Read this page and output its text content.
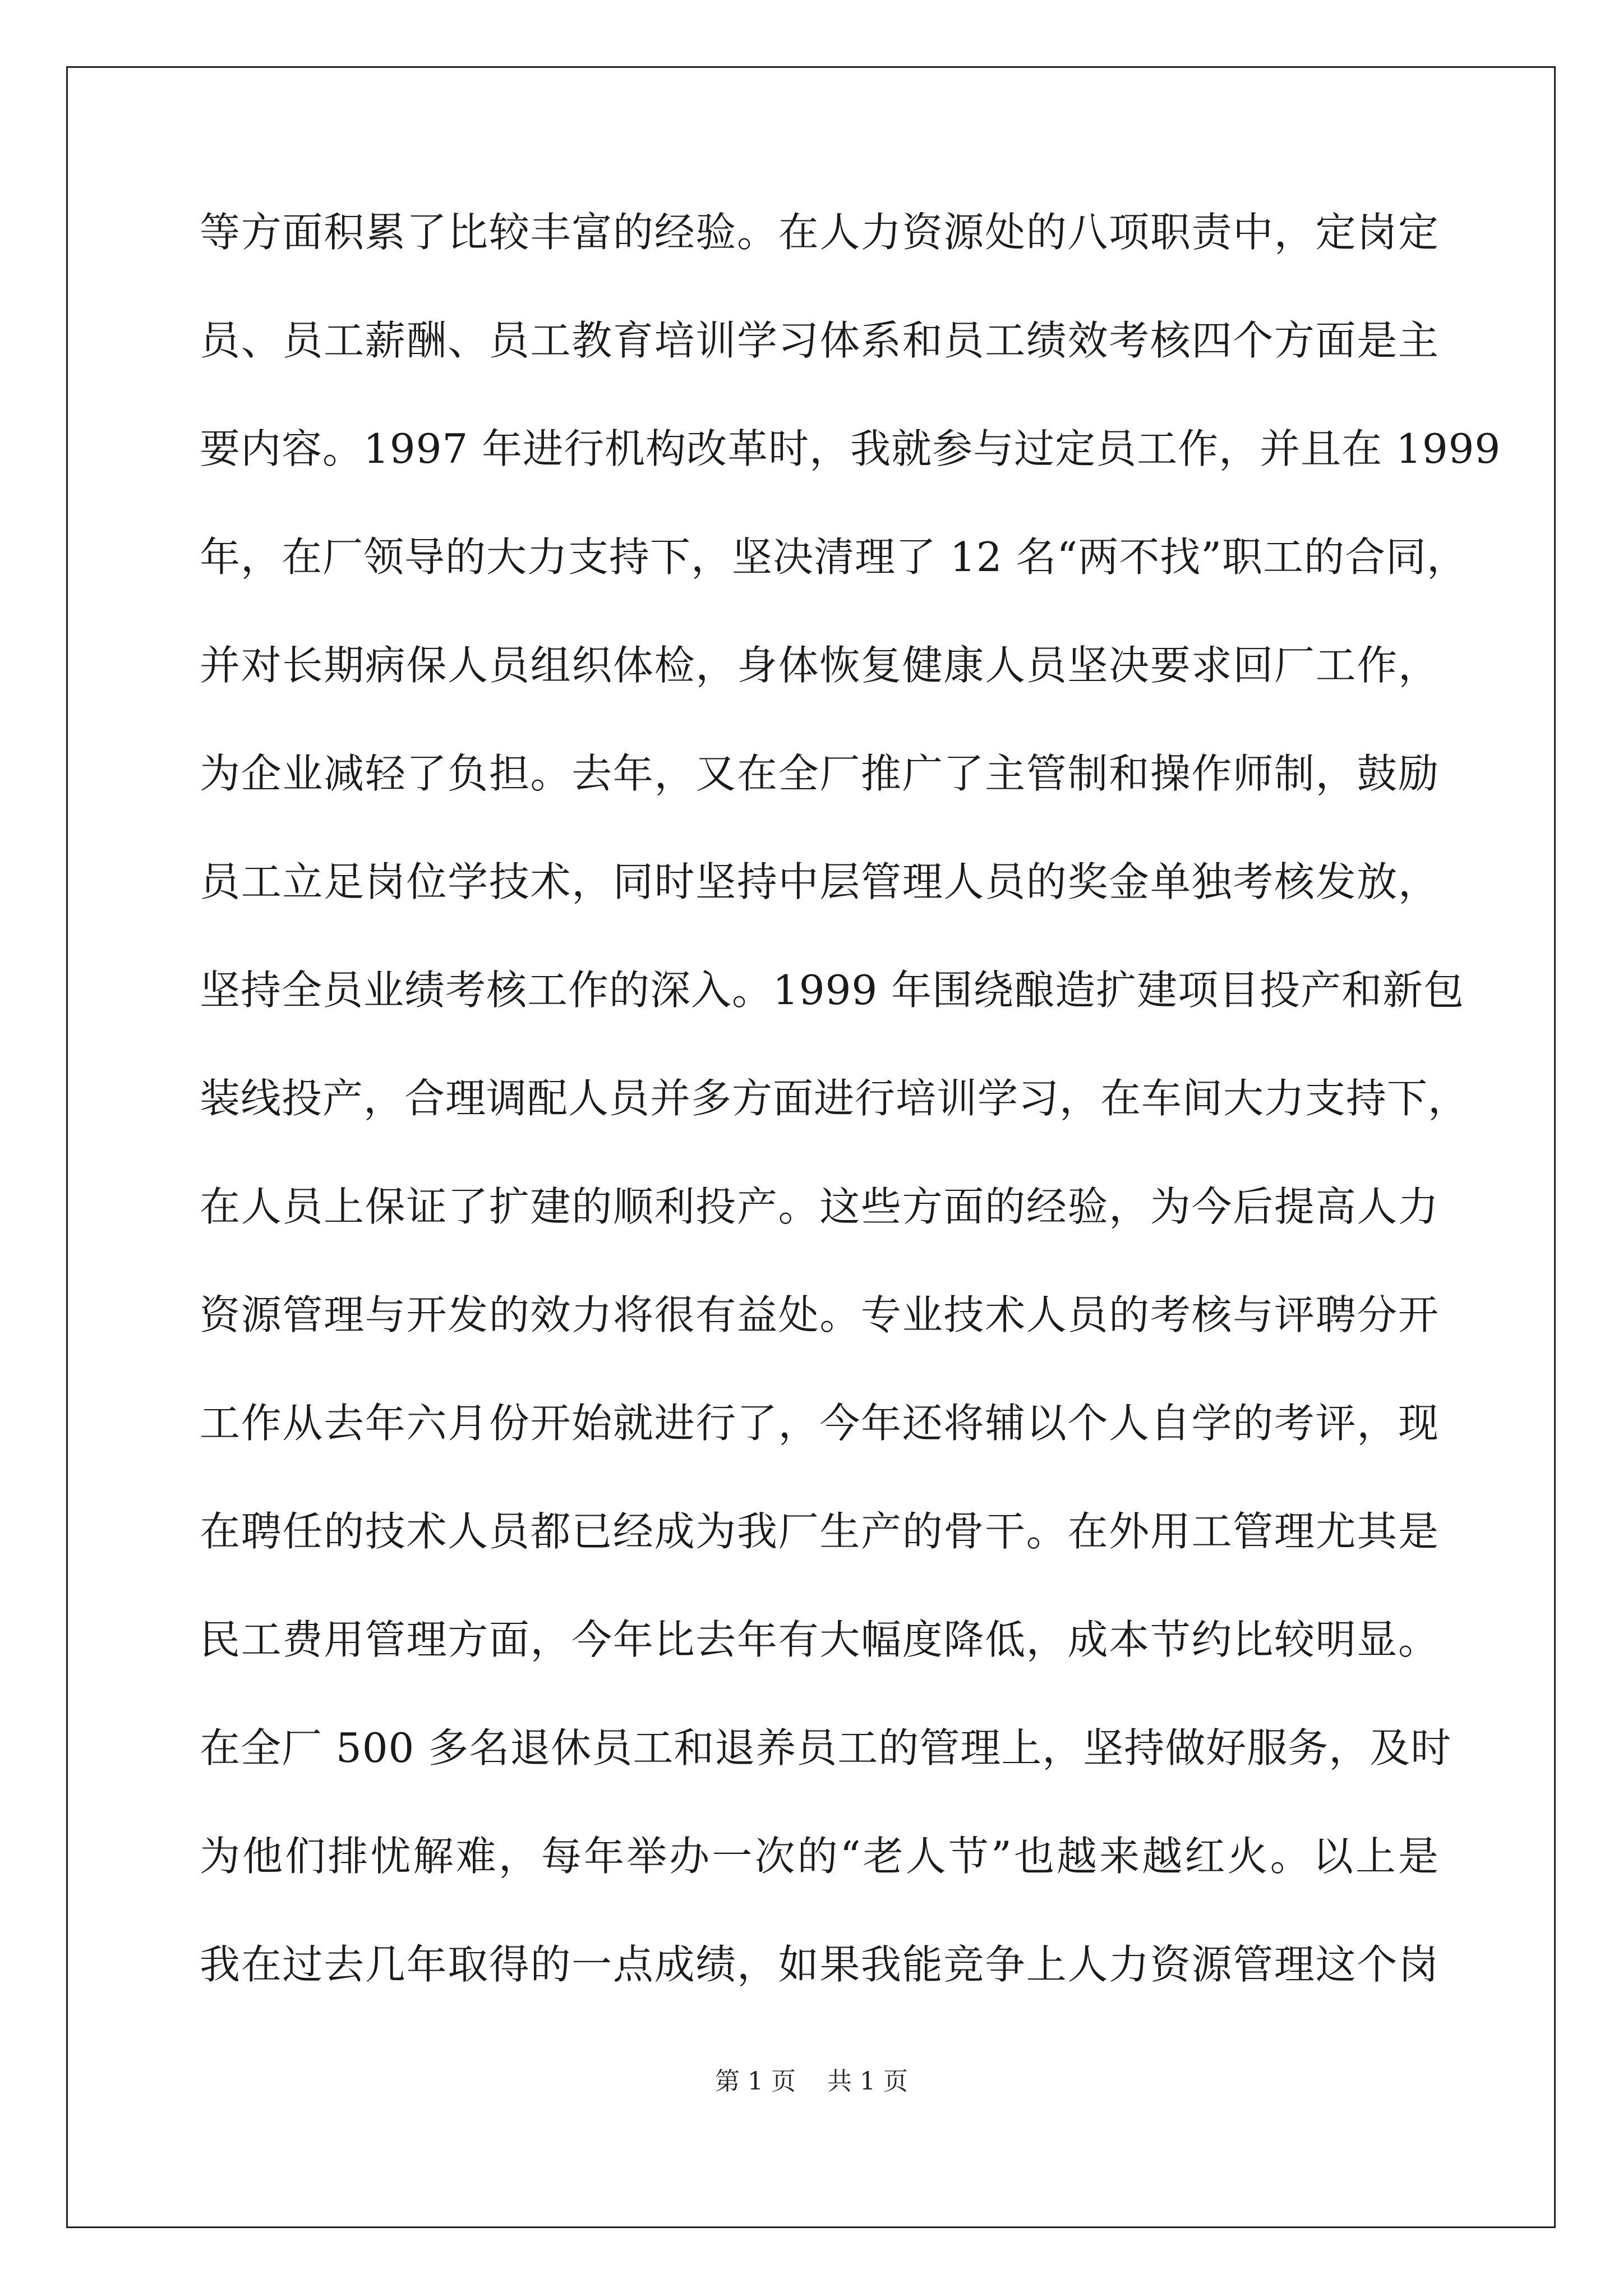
等方面积累了比较丰富的经验。在人力资源处的八项职责中，定岗定
员、员工薪酬、员工教育培训学习体系和员工绩效考核四个方面是主
要内容。1997 年进行机构改革时，我就参与过定员工作，并且在 1999
年，在厂领导的大力支持下，坚决清理了 12 名“两不找”职工的合同，
并对长期病保人员组织体检，身体恢复健康人员坚决要求回厂工作，
为企业减轻了负担。去年，又在全厂推广了主管制和操作师制，鼓励
员工立足岗位学技术，同时坚持中层管理人员的奖金单独考核发放，
坚持全员业绩考核工作的深入。1999 年围绕酿造扩建项目投产和新包
装线投产，合理调配人员并多方面进行培训学习，在车间大力支持下，
在人员上保证了扩建的顺利投产。这些方面的经验，为今后提高人力
资源管理与开发的效力将很有益处。专业技术人员的考核与评聘分开
工作从去年六月份开始就进行了，今年还将辅以个人自学的考评，现
在聘任的技术人员都已经成为我厂生产的骨干。在外用工管理尤其是
民工费用管理方面，今年比去年有大幅度降低，成本节约比较明显。
在全厂 500 多名退休员工和退养员工的管理上，坚持做好服务，及时
为他们排忧解难，每年举办一次的“老人节”也越来越红火。以上是
我在过去几年取得的一点成绩，如果我能竞争上人力资源管理这个岗
第 1 页 共 1 页
